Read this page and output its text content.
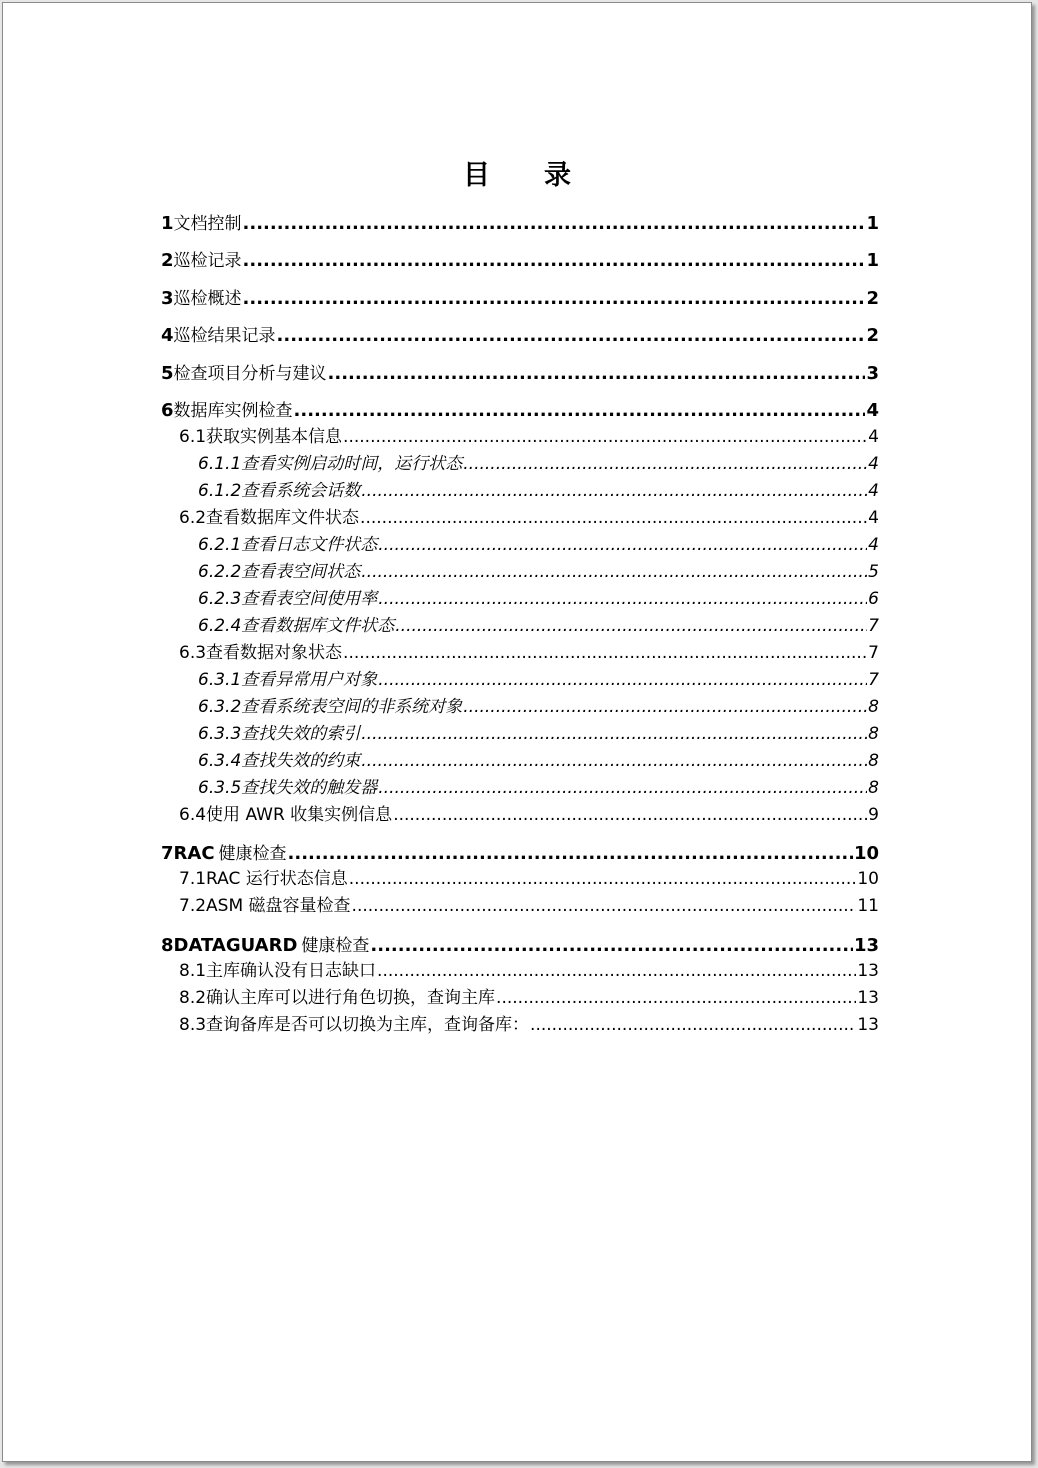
目　　录
1 文档控制 .....	1
2 巡检记录 .....	1
3 巡检概述 .....	2
4 巡检结果记录 .....	2
5 检查项目分析与建议 .....	3
6 数据库实例检查 .....	4
6.1 获取实例基本信息 .....	4
6.1.1 查看实例启动时间，运行状态 .....	4
6.1.2 查看系统会话数 .....	4
6.2 查看数据库文件状态 .....	4
6.2.1 查看日志文件状态 .....	4
6.2.2 查看表空间状态 .....	5
6.2.3 查看表空间使用率 .....	6
6.2.4 查看数据库文件状态 .....	7
6.3 查看数据对象状态 .....	7
6.3.1 查看异常用户对象 .....	7
6.3.2 查看系统表空间的非系统对象 .....	8
6.3.3 查找失效的索引 .....	8
6.3.4 查找失效的约束 .....	8
6.3.5 查找失效的触发器 .....	8
6.4 使用 AWR 收集实例信息 .....	9
7 RAC 健康检查 .....	10
7.1 RAC 运行状态信息 .....	10
7.2 ASM 磁盘容量检查 .....	11
8 DATAGUARD 健康检查 .....	13
8.1 主库确认没有日志缺口 .....	13
8.2 确认主库可以进行角色切换，查询主库 .....	13
8.3 查询备库是否可以切换为主库，查询备库： .....	13
